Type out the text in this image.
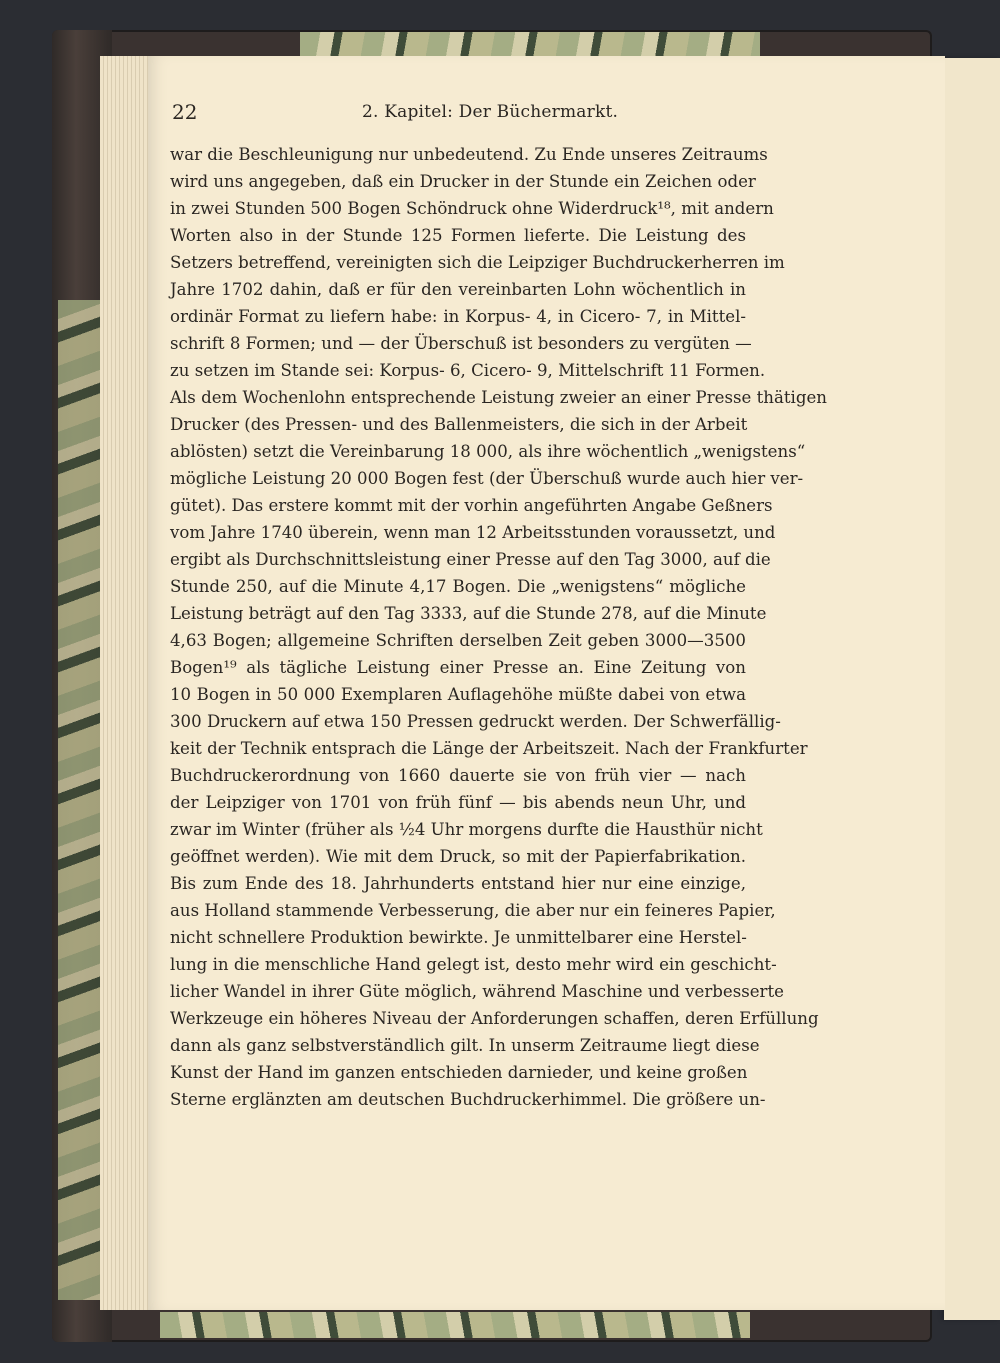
22	2. Kapitel: Der Büchermarkt.
war die Beschleunigung nur unbedeutend. Zu Ende unseres Zeitraums
wird uns angegeben, daß ein Drucker in der Stunde ein Zeichen oder
in zwei Stunden 500 Bogen Schöndruck ohne Widerdruck¹⁸, mit andern
Worten also in der Stunde 125 Formen lieferte. Die Leistung des
Setzers betreffend, vereinigten sich die Leipziger Buchdruckerherren im
Jahre 1702 dahin, daß er für den vereinbarten Lohn wöchentlich in
ordinär Format zu liefern habe: in Korpus- 4, in Cicero- 7, in Mittel-
schrift 8 Formen; und — der Überschuß ist besonders zu vergüten —
zu setzen im Stande sei: Korpus- 6, Cicero- 9, Mittelschrift 11 Formen.
Als dem Wochenlohn entsprechende Leistung zweier an einer Presse thätigen
Drucker (des Pressen- und des Ballenmeisters, die sich in der Arbeit
ablösten) setzt die Vereinbarung 18 000, als ihre wöchentlich „wenigstens“
mögliche Leistung 20 000 Bogen fest (der Überschuß wurde auch hier ver-
gütet). Das erstere kommt mit der vorhin angeführten Angabe Geßners
vom Jahre 1740 überein, wenn man 12 Arbeitsstunden voraussetzt, und
ergibt als Durchschnittsleistung einer Presse auf den Tag 3000, auf die
Stunde 250, auf die Minute 4,17 Bogen. Die „wenigstens“ mögliche
Leistung beträgt auf den Tag 3333, auf die Stunde 278, auf die Minute
4,63 Bogen; allgemeine Schriften derselben Zeit geben 3000—3500
Bogen¹⁹ als tägliche Leistung einer Presse an. Eine Zeitung von
10 Bogen in 50 000 Exemplaren Auflagehöhe müßte dabei von etwa
300 Druckern auf etwa 150 Pressen gedruckt werden. Der Schwerfällig-
keit der Technik entsprach die Länge der Arbeitszeit. Nach der Frankfurter
Buchdruckerordnung von 1660 dauerte sie von früh vier — nach
der Leipziger von 1701 von früh fünf — bis abends neun Uhr, und
zwar im Winter (früher als ½4 Uhr morgens durfte die Hausthür nicht
geöffnet werden). Wie mit dem Druck, so mit der Papierfabrikation.
Bis zum Ende des 18. Jahrhunderts entstand hier nur eine einzige,
aus Holland stammende Verbesserung, die aber nur ein feineres Papier,
nicht schnellere Produktion bewirkte. Je unmittelbarer eine Herstel-
lung in die menschliche Hand gelegt ist, desto mehr wird ein geschicht-
licher Wandel in ihrer Güte möglich, während Maschine und verbesserte
Werkzeuge ein höheres Niveau der Anforderungen schaffen, deren Erfüllung
dann als ganz selbstverständlich gilt. In unserm Zeitraume liegt diese
Kunst der Hand im ganzen entschieden darnieder, und keine großen
Sterne erglänzten am deutschen Buchdruckerhimmel. Die größere un-
